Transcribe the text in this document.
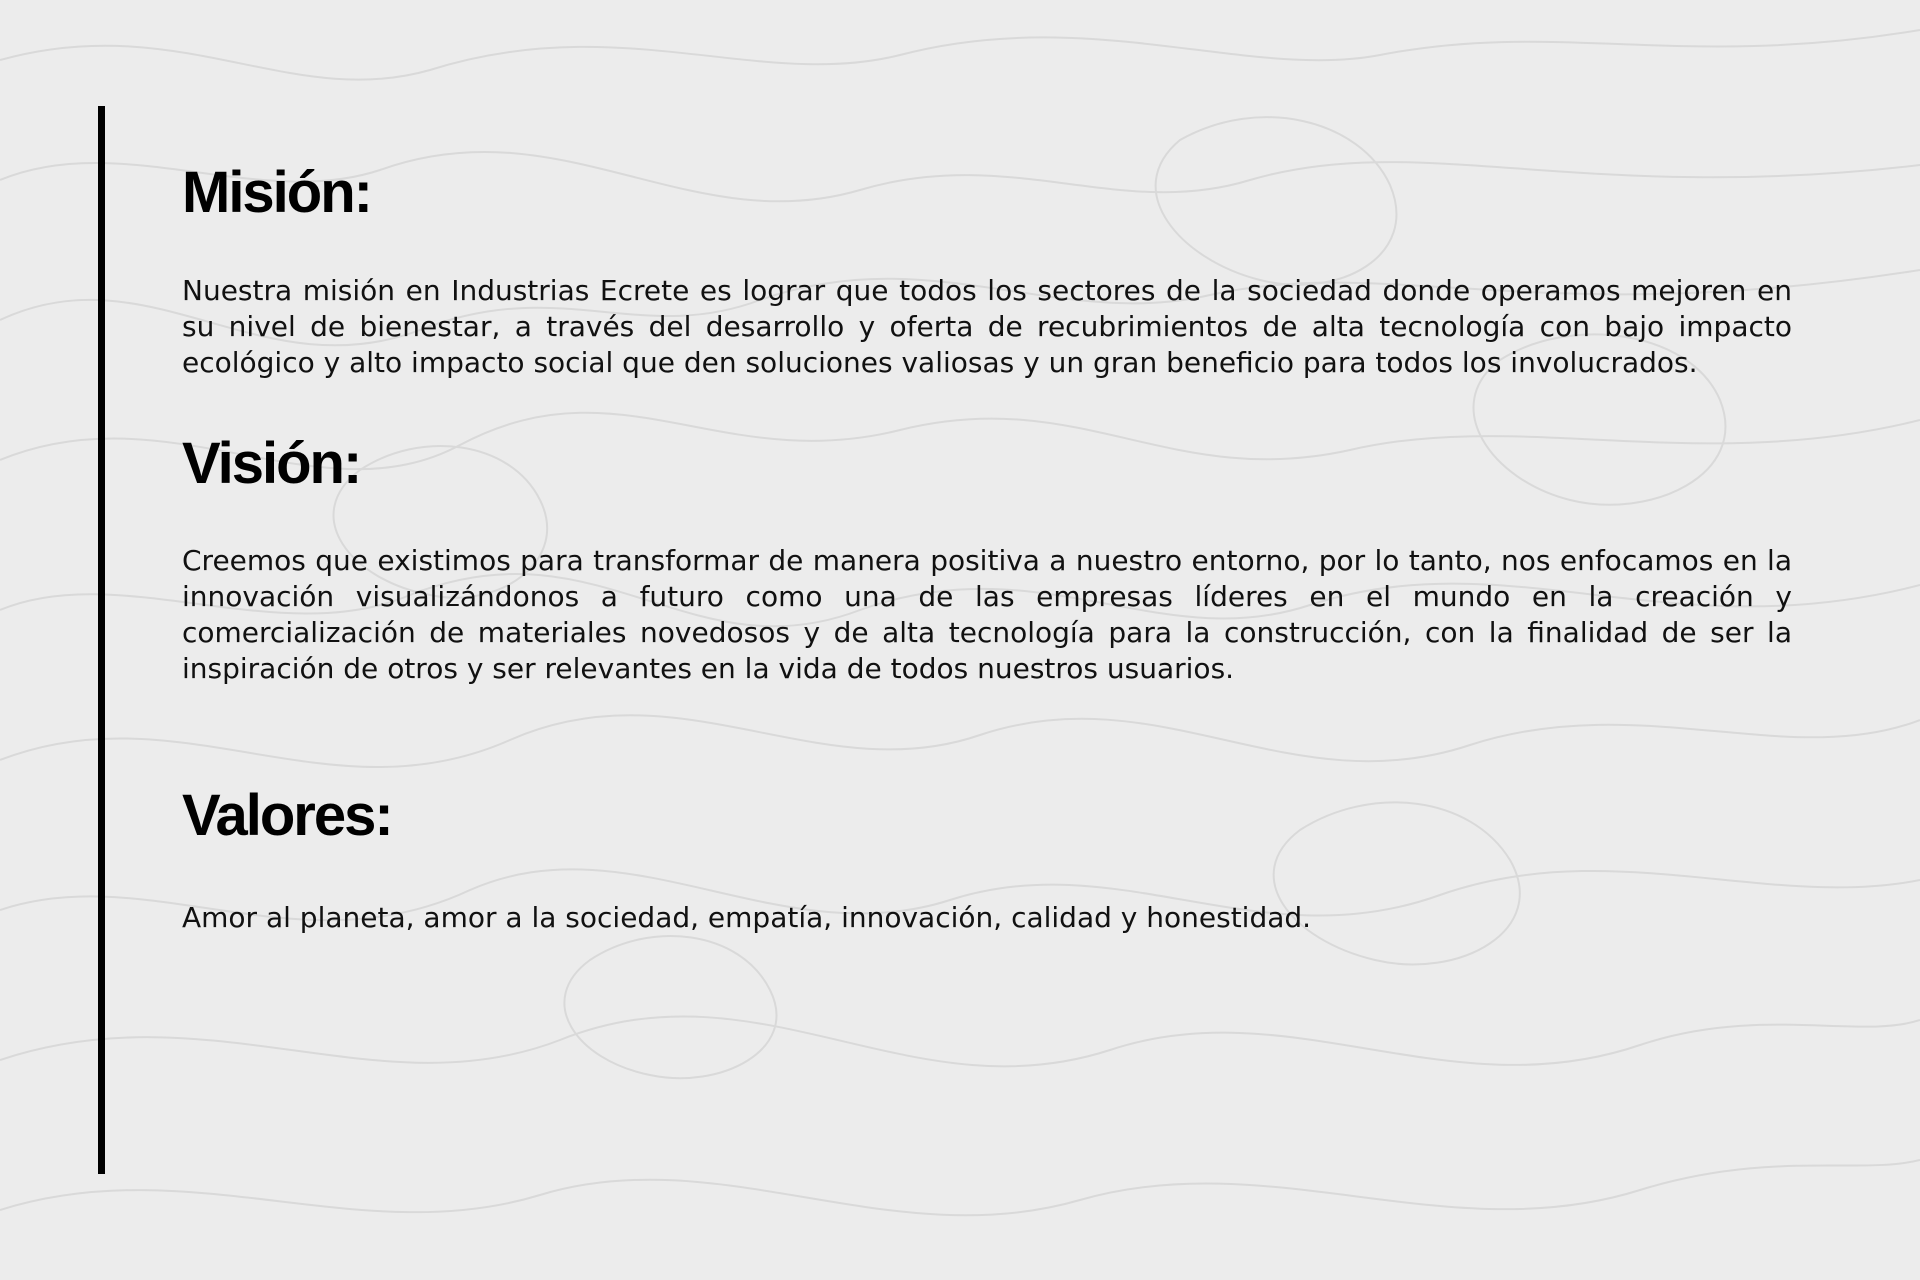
Misión:

Nuestra misión en Industrias Ecrete es lograr que todos los sectores de la sociedad donde operamos mejoren en su nivel de bienestar, a través del desarrollo y oferta de recubrimientos de alta tecnología con bajo impacto ecológico y alto impacto social que den soluciones valiosas y un gran beneficio para todos los involucrados.

Visión:

Creemos que existimos para transformar de manera positiva a nuestro entorno, por lo tanto, nos enfocamos en la innovación visualizándonos a futuro como una de las empresas líderes en el mundo en la creación y comercialización de materiales novedosos y de alta tecnología para la construcción, con la finalidad de ser la inspiración de otros y ser relevantes en la vida de todos nuestros usuarios.

Valores:

Amor al planeta, amor a la sociedad, empatía, innovación, calidad y honestidad.
